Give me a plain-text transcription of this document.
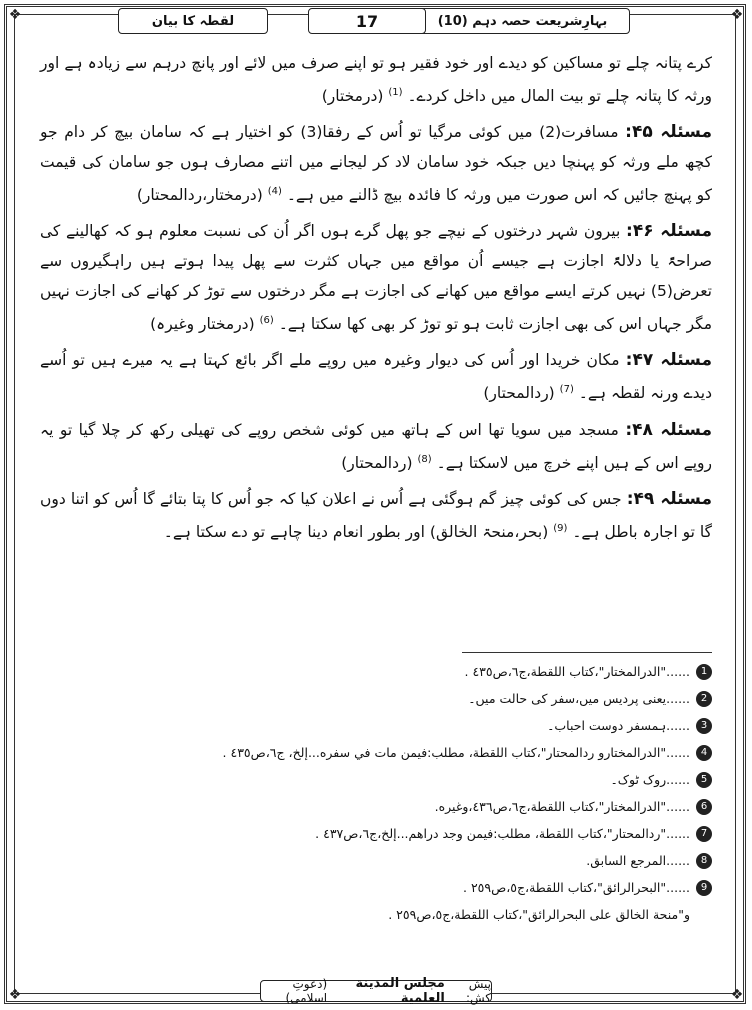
❖	❖
❖	❖
بہارِشریعت حصہ دہم (10)
17
لقطہ کا بیان

کرے پتانہ چلے تو مساکین کو دیدے اور خود فقیر ہو تو اپنے صرف میں لائے اور پانچ درہم سے زیادہ ہے اور ورثہ کا پتانہ چلے تو بیت المال میں داخل کردے۔ $^{(1)}$ (درمختار)

مسئلہ ۴۵: مسافرت(2) میں کوئی مرگیا تو اُس کے رفقا(3) کو اختیار ہے کہ سامان بیچ کر دام جو کچھ ملے ورثہ کو پہنچا دیں جبکہ خود سامان لاد کر لیجانے میں اتنے مصارف ہوں جو سامان کی قیمت کو پہنچ جائیں کہ اس صورت میں ورثہ کا فائدہ بیچ ڈالنے میں ہے۔ $^{(4)}$ (درمختار،ردالمحتار)

مسئلہ ۴۶: بیرون شہر درختوں کے نیچے جو پھل گرے ہوں اگر اُن کی نسبت معلوم ہو کہ کھالینے کی صراحۃً یا دلالۃً اجازت ہے جیسے اُن مواقع میں جہاں کثرت سے پھل پیدا ہوتے ہیں راہگیروں سے تعرض(5) نہیں کرتے ایسے مواقع میں کھانے کی اجازت ہے مگر درختوں سے توڑ کر کھانے کی اجازت نہیں مگر جہاں اس کی بھی اجازت ثابت ہو تو توڑ کر بھی کھا سکتا ہے۔ $^{(6)}$ (درمختار وغیرہ)

مسئلہ ۴۷: مکان خریدا اور اُس کی دیوار وغیرہ میں روپے ملے اگر بائع کہتا ہے یہ میرے ہیں تو اُسے دیدے ورنہ لقطہ ہے۔ $^{(7)}$ (ردالمحتار)

مسئلہ ۴۸: مسجد میں سویا تھا اس کے ہاتھ میں کوئی شخص روپے کی تھیلی رکھ کر چلا گیا تو یہ روپے اس کے ہیں اپنے خرچ میں لاسکتا ہے۔ $^{(8)}$ (ردالمحتار)

مسئلہ ۴۹: جس کی کوئی چیز گم ہوگئی ہے اُس نے اعلان کیا کہ جو اُس کا پتا بتائے گا اُس کو اتنا دوں گا تو اجارہ باطل ہے۔ $^{(9)}$ (بحر،منحۃ الخالق) اور بطور انعام دینا چاہے تو دے سکتا ہے۔

1
......"الدرالمختار"،كتاب اللقطة،ج٦،ص٤٣٥ .
2
......یعنی پردیس میں،سفر کی حالت میں۔
3
......ہمسفر دوست احباب۔
4
......"الدرالمختارو ردالمحتار"،كتاب اللقطة، مطلب:فيمن مات في سفره...إلخ، ج٦،ص٤٣٥ .
5
......روک ٹوک۔
6
......"الدرالمختار"،كتاب اللقطة،ج٦،ص٤٣٦،وغيره.
7
......"ردالمحتار"،كتاب اللقطة، مطلب:فيمن وجد دراهم...إلخ،ج٦،ص٤٣٧ .
8
......المرجع السابق.
9
......"البحرالرائق"،كتاب اللقطة،ج٥،ص٢٥٩ .
و"منحة الخالق على البحرالرائق"،كتاب اللقطة،ج٥،ص٢٥٩ .
پیش کش:
مجلس المدينة العلمية
(دعوتِ اسلامی)
